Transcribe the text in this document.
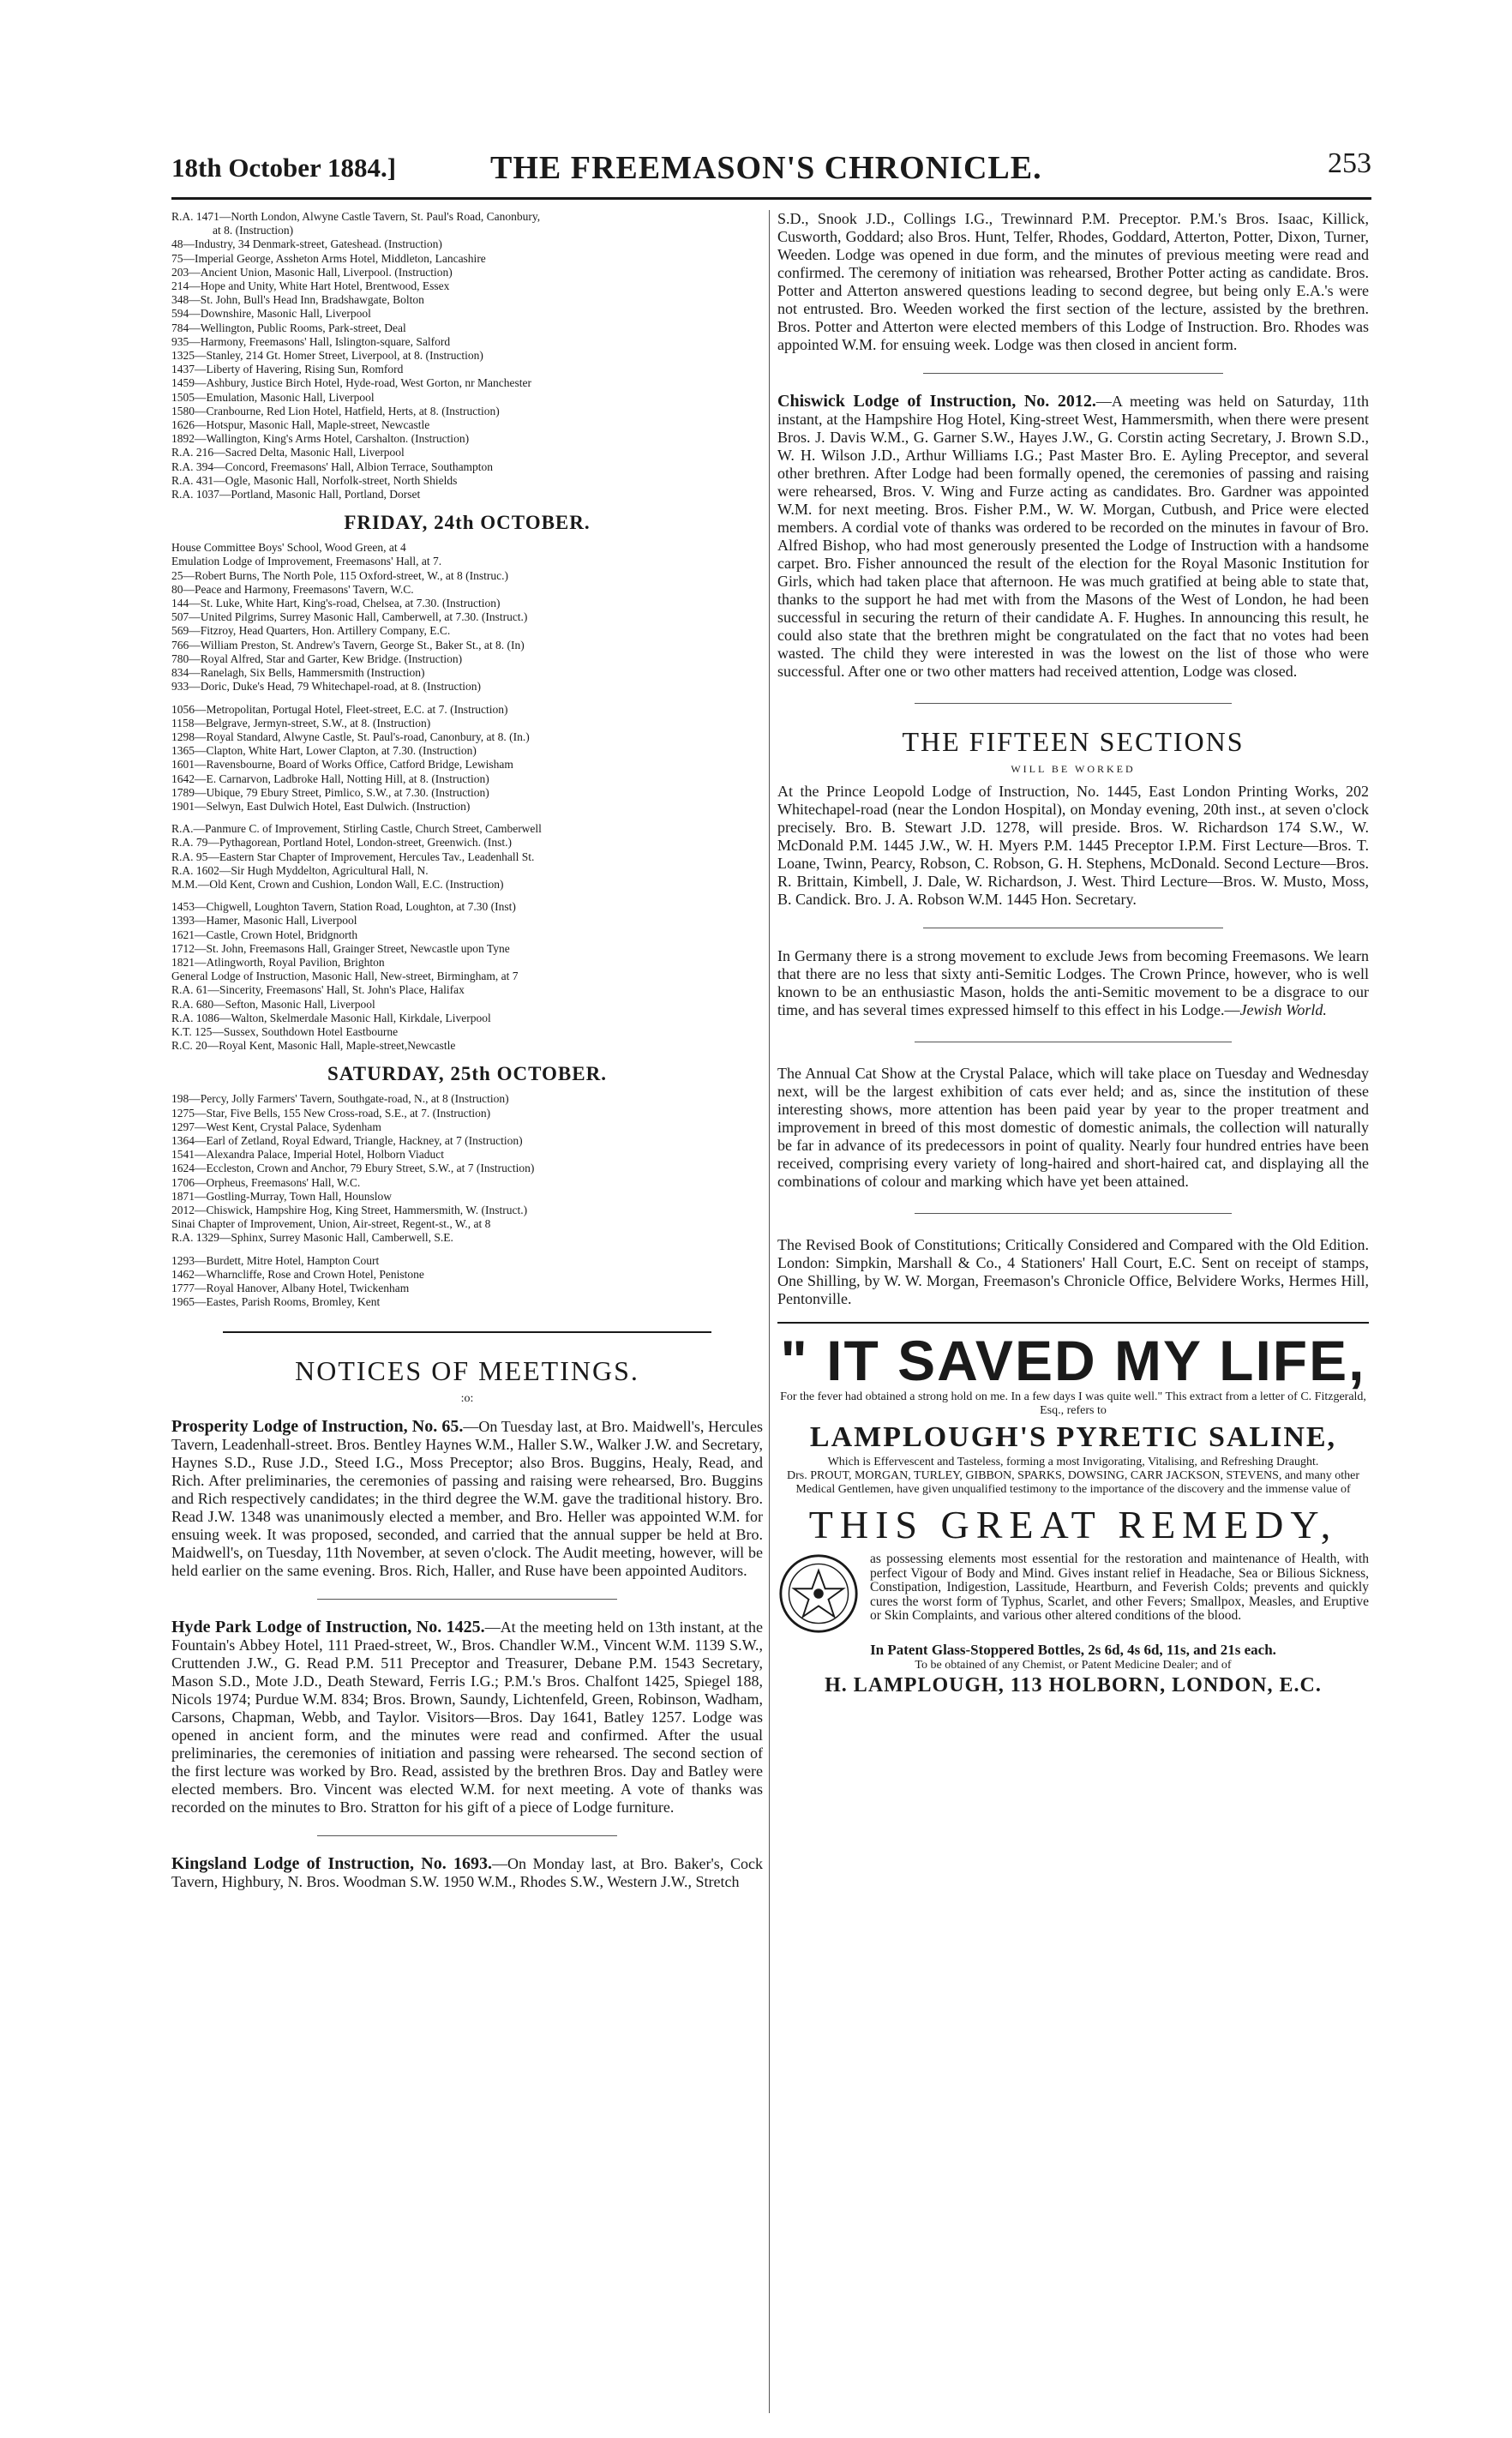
18th October 1884.]	THE FREEMASON'S CHRONICLE.	253
R.A. 1471—North London, Alwyne Castle Tavern, St. Paul's Road, Canonbury,
at 8. (Instruction)
48—Industry, 34 Denmark-street, Gateshead. (Instruction)
75—Imperial George, Assheton Arms Hotel, Middleton, Lancashire
203—Ancient Union, Masonic Hall, Liverpool. (Instruction)
214—Hope and Unity, White Hart Hotel, Brentwood, Essex
348—St. John, Bull's Head Inn, Bradshawgate, Bolton
594—Downshire, Masonic Hall, Liverpool
784—Wellington, Public Rooms, Park-street, Deal
935—Harmony, Freemasons' Hall, Islington-square, Salford
1325—Stanley, 214 Gt. Homer Street, Liverpool, at 8. (Instruction)
1437—Liberty of Havering, Rising Sun, Romford
1459—Ashbury, Justice Birch Hotel, Hyde-road, West Gorton, nr Manchester
1505—Emulation, Masonic Hall, Liverpool
1580—Cranbourne, Red Lion Hotel, Hatfield, Herts, at 8. (Instruction)
1626—Hotspur, Masonic Hall, Maple-street, Newcastle
1892—Wallington, King's Arms Hotel, Carshalton. (Instruction)
R.A. 216—Sacred Delta, Masonic Hall, Liverpool
R.A. 394—Concord, Freemasons' Hall, Albion Terrace, Southampton
R.A. 431—Ogle, Masonic Hall, Norfolk-street, North Shields
R.A. 1037—Portland, Masonic Hall, Portland, Dorset
FRIDAY, 24th OCTOBER.
House Committee Boys' School, Wood Green, at 4
Emulation Lodge of Improvement, Freemasons' Hall, at 7.
25—Robert Burns, The North Pole, 115 Oxford-street, W., at 8 (Instruc.)
80—Peace and Harmony, Freemasons' Tavern, W.C.
144—St. Luke, White Hart, King's-road, Chelsea, at 7.30. (Instruction)
507—United Pilgrims, Surrey Masonic Hall, Camberwell, at 7.30. (Instruct.)
569—Fitzroy, Head Quarters, Hon. Artillery Company, E.C.
766—William Preston, St. Andrew's Tavern, George St., Baker St., at 8. (In)
780—Royal Alfred, Star and Garter, Kew Bridge. (Instruction)
834—Ranelagh, Six Bells, Hammersmith (Instruction)
933—Doric, Duke's Head, 79 Whitechapel-road, at 8. (Instruction)
1056—Metropolitan, Portugal Hotel, Fleet-street, E.C. at 7. (Instruction)
1158—Belgrave, Jermyn-street, S.W., at 8. (Instruction)
1298—Royal Standard, Alwyne Castle, St. Paul's-road, Canonbury, at 8. (In.)
1365—Clapton, White Hart, Lower Clapton, at 7.30. (Instruction)
1601—Ravensbourne, Board of Works Office, Catford Bridge, Lewisham
1642—E. Carnarvon, Ladbroke Hall, Notting Hill, at 8. (Instruction)
1789—Ubique, 79 Ebury Street, Pimlico, S.W., at 7.30. (Instruction)
1901—Selwyn, East Dulwich Hotel, East Dulwich. (Instruction)
R.A.—Panmure C. of Improvement, Stirling Castle, Church Street, Camberwell
R.A. 79—Pythagorean, Portland Hotel, London-street, Greenwich. (Inst.)
R.A. 95—Eastern Star Chapter of Improvement, Hercules Tav., Leadenhall St.
R.A. 1602—Sir Hugh Myddelton, Agricultural Hall, N.
M.M.—Old Kent, Crown and Cushion, London Wall, E.C. (Instruction)
1453—Chigwell, Loughton Tavern, Station Road, Loughton, at 7.30 (Inst)
1393—Hamer, Masonic Hall, Liverpool
1621—Castle, Crown Hotel, Bridgnorth
1712—St. John, Freemasons Hall, Grainger Street, Newcastle upon Tyne
1821—Atlingworth, Royal Pavilion, Brighton
General Lodge of Instruction, Masonic Hall, New-street, Birmingham, at 7
R.A. 61—Sincerity, Freemasons' Hall, St. John's Place, Halifax
R.A. 680—Sefton, Masonic Hall, Liverpool
R.A. 1086—Walton, Skelmerdale Masonic Hall, Kirkdale, Liverpool
K.T. 125—Sussex, Southdown Hotel Eastbourne
R.C. 20—Royal Kent, Masonic Hall, Maple-street,Newcastle
SATURDAY, 25th OCTOBER.
198—Percy, Jolly Farmers' Tavern, Southgate-road, N., at 8 (Instruction)
1275—Star, Five Bells, 155 New Cross-road, S.E., at 7. (Instruction)
1297—West Kent, Crystal Palace, Sydenham
1364—Earl of Zetland, Royal Edward, Triangle, Hackney, at 7 (Instruction)
1541—Alexandra Palace, Imperial Hotel, Holborn Viaduct
1624—Eccleston, Crown and Anchor, 79 Ebury Street, S.W., at 7 (Instruction)
1706—Orpheus, Freemasons' Hall, W.C.
1871—Gostling-Murray, Town Hall, Hounslow
2012—Chiswick, Hampshire Hog, King Street, Hammersmith, W. (Instruct.)
Sinai Chapter of Improvement, Union, Air-street, Regent-st., W., at 8
R.A. 1329—Sphinx, Surrey Masonic Hall, Camberwell, S.E.
1293—Burdett, Mitre Hotel, Hampton Court
1462—Wharncliffe, Rose and Crown Hotel, Penistone
1777—Royal Hanover, Albany Hotel, Twickenham
1965—Eastes, Parish Rooms, Bromley, Kent
NOTICES OF MEETINGS.
:o:

Prosperity Lodge of Instruction, No. 65.—On Tuesday last, at Bro. Maidwell's, Hercules Tavern, Leadenhall-street. Bros. Bentley Haynes W.M., Haller S.W., Walker J.W. and Secretary, Haynes S.D., Ruse J.D., Steed I.G., Moss Preceptor; also Bros. Buggins, Healy, Read, and Rich. After preliminaries, the ceremonies of passing and raising were rehearsed, Bro. Buggins and Rich respectively candidates; in the third degree the W.M. gave the traditional history. Bro. Read J.W. 1348 was unanimously elected a member, and Bro. Heller was appointed W.M. for ensuing week. It was proposed, seconded, and carried that the annual supper be held at Bro. Maidwell's, on Tuesday, 11th November, at seven o'clock. The Audit meeting, however, will be held earlier on the same evening. Bros. Rich, Haller, and Ruse have been appointed Auditors.

Hyde Park Lodge of Instruction, No. 1425.—At the meeting held on 13th instant, at the Fountain's Abbey Hotel, 111 Praed-street, W., Bros. Chandler W.M., Vincent W.M. 1139 S.W., Cruttenden J.W., G. Read P.M. 511 Preceptor and Treasurer, Debane P.M. 1543 Secretary, Mason S.D., Mote J.D., Death Steward, Ferris I.G.; P.M.'s Bros. Chalfont 1425, Spiegel 188, Nicols 1974; Purdue W.M. 834; Bros. Brown, Saundy, Lichtenfeld, Green, Robinson, Wadham, Carsons, Chapman, Webb, and Taylor. Visitors—Bros. Day 1641, Batley 1257. Lodge was opened in ancient form, and the minutes were read and confirmed. After the usual preliminaries, the ceremonies of initiation and passing were rehearsed. The second section of the first lecture was worked by Bro. Read, assisted by the brethren Bros. Day and Batley were elected members. Bro. Vincent was elected W.M. for next meeting. A vote of thanks was recorded on the minutes to Bro. Stratton for his gift of a piece of Lodge furniture.

Kingsland Lodge of Instruction, No. 1693.—On Monday last, at Bro. Baker's, Cock Tavern, Highbury, N. Bros. Woodman S.W. 1950 W.M., Rhodes S.W., Western J.W., Stretch

S.D., Snook J.D., Collings I.G., Trewinnard P.M. Preceptor. P.M.'s Bros. Isaac, Killick, Cusworth, Goddard; also Bros. Hunt, Telfer, Rhodes, Goddard, Atterton, Potter, Dixon, Turner, Weeden. Lodge was opened in due form, and the minutes of previous meeting were read and confirmed. The ceremony of initiation was rehearsed, Brother Potter acting as candidate. Bros. Potter and Atterton answered questions leading to second degree, but being only E.A.'s were not entrusted. Bro. Weeden worked the first section of the lecture, assisted by the brethren. Bros. Potter and Atterton were elected members of this Lodge of Instruction. Bro. Rhodes was appointed W.M. for ensuing week. Lodge was then closed in ancient form.

Chiswick Lodge of Instruction, No. 2012.—A meeting was held on Saturday, 11th instant, at the Hampshire Hog Hotel, King-street West, Hammersmith, when there were present Bros. J. Davis W.M., G. Garner S.W., Hayes J.W., G. Corstin acting Secretary, J. Brown S.D., W. H. Wilson J.D., Arthur Williams I.G.; Past Master Bro. E. Ayling Preceptor, and several other brethren. After Lodge had been formally opened, the ceremonies of passing and raising were rehearsed, Bros. V. Wing and Furze acting as candidates. Bro. Gardner was appointed W.M. for next meeting. Bros. Fisher P.M., W. W. Morgan, Cutbush, and Price were elected members. A cordial vote of thanks was ordered to be recorded on the minutes in favour of Bro. Alfred Bishop, who had most generously presented the Lodge of Instruction with a handsome carpet. Bro. Fisher announced the result of the election for the Royal Masonic Institution for Girls, which had taken place that afternoon. He was much gratified at being able to state that, thanks to the support he had met with from the Masons of the West of London, he had been successful in securing the return of their candidate A. F. Hughes. In announcing this result, he could also state that the brethren might be congratulated on the fact that no votes had been wasted. The child they were interested in was the lowest on the list of those who were successful. After one or two other matters had received attention, Lodge was closed.

THE FIFTEEN SECTIONS
WILL BE WORKED

At the Prince Leopold Lodge of Instruction, No. 1445, East London Printing Works, 202 Whitechapel-road (near the London Hospital), on Monday evening, 20th inst., at seven o'clock precisely. Bro. B. Stewart J.D. 1278, will preside. Bros. W. Richardson 174 S.W., W. McDonald P.M. 1445 J.W., W. H. Myers P.M. 1445 Preceptor I.P.M. First Lecture—Bros. T. Loane, Twinn, Pearcy, Robson, C. Robson, G. H. Stephens, McDonald. Second Lecture—Bros. R. Brittain, Kimbell, J. Dale, W. Richardson, J. West. Third Lecture—Bros. W. Musto, Moss, B. Candick. Bro. J. A. Robson W.M. 1445 Hon. Secretary.

In Germany there is a strong movement to exclude Jews from becoming Freemasons. We learn that there are no less that sixty anti-Semitic Lodges. The Crown Prince, however, who is well known to be an enthusiastic Mason, holds the anti-Semitic movement to be a disgrace to our time, and has several times expressed himself to this effect in his Lodge.—Jewish World.

The Annual Cat Show at the Crystal Palace, which will take place on Tuesday and Wednesday next, will be the largest exhibition of cats ever held; and as, since the institution of these interesting shows, more attention has been paid year by year to the proper treatment and improvement in breed of this most domestic of domestic animals, the collection will naturally be far in advance of its predecessors in point of quality. Nearly four hundred entries have been received, comprising every variety of long-haired and short-haired cat, and displaying all the combinations of colour and marking which have yet been attained.

The Revised Book of Constitutions; Critically Considered and Compared with the Old Edition. London: Simpkin, Marshall & Co., 4 Stationers' Hall Court, E.C. Sent on receipt of stamps, One Shilling, by W. W. Morgan, Freemason's Chronicle Office, Belvidere Works, Hermes Hill, Pentonville.

" IT SAVED MY LIFE,
For the fever had obtained a strong hold on me. In a few days I was quite well." This extract from a letter of C. Fitzgerald, Esq., refers to
LAMPLOUGH'S PYRETIC SALINE,
Which is Effervescent and Tasteless, forming a most Invigorating, Vitalising, and Refreshing Draught.
Drs. PROUT, MORGAN, TURLEY, GIBBON, SPARKS, DOWSING, CARR JACKSON, STEVENS, and many other Medical Gentlemen, have given unqualified testimony to the importance of the discovery and the immense value of
THIS GREAT REMEDY,
as possessing elements most essential for the restoration and maintenance of Health, with perfect Vigour of Body and Mind. Gives instant relief in Headache, Sea or Bilious Sickness, Constipation, Indigestion, Lassitude, Heartburn, and Feverish Colds; prevents and quickly cures the worst form of Typhus, Scarlet, and other Fevers; Smallpox, Measles, and Eruptive or Skin Complaints, and various other altered conditions of the blood.
In Patent Glass-Stoppered Bottles, 2s 6d, 4s 6d, 11s, and 21s each.
To be obtained of any Chemist, or Patent Medicine Dealer; and of
H. LAMPLOUGH, 113 HOLBORN, LONDON, E.C.
